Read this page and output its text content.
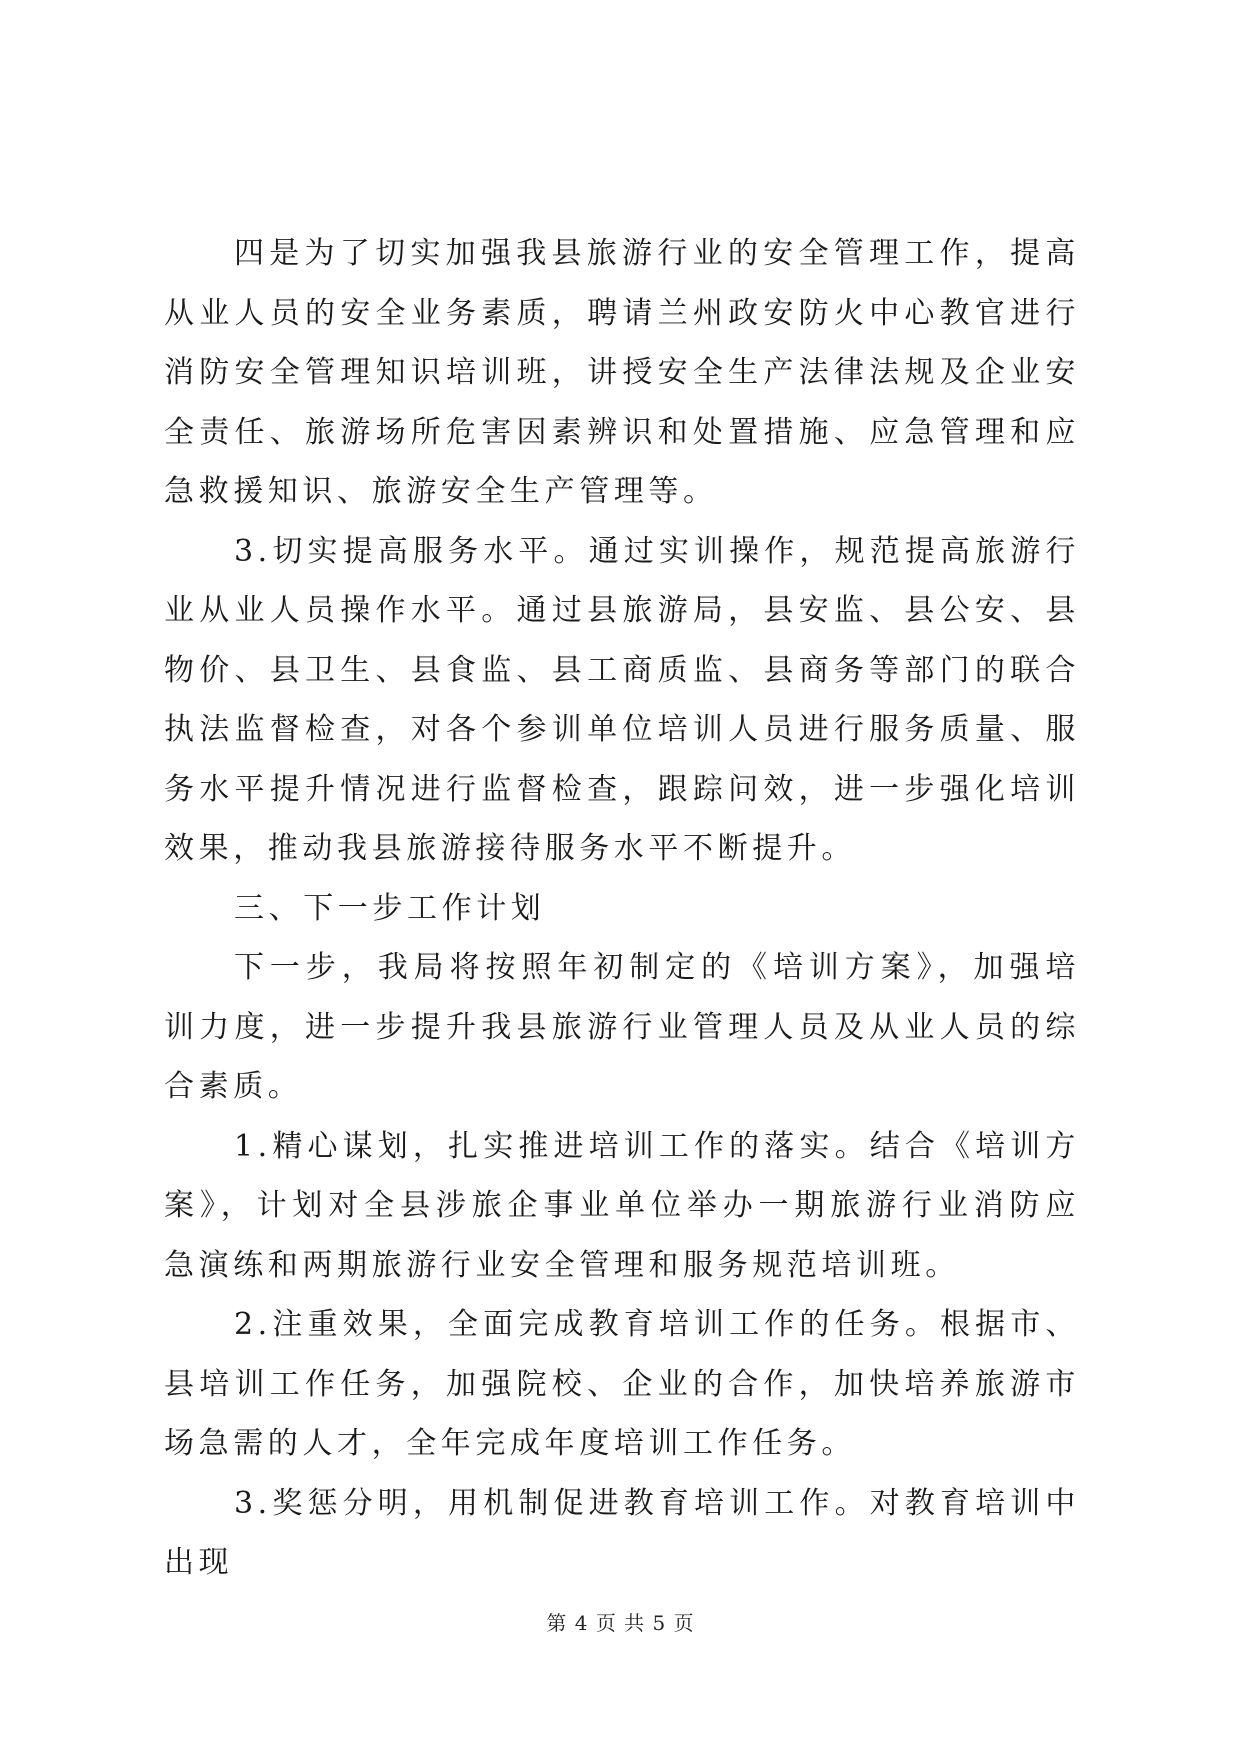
四是为了切实加强我县旅游行业的安全管理工作，提高从业人员的安全业务素质，聘请兰州政安防火中心教官进行消防安全管理知识培训班，讲授安全生产法律法规及企业安全责任、旅游场所危害因素辨识和处置措施、应急管理和应急救援知识、旅游安全生产管理等。

3.切实提高服务水平。通过实训操作，规范提高旅游行业从业人员操作水平。通过县旅游局，县安监、县公安、县物价、县卫生、县食监、县工商质监、县商务等部门的联合执法监督检查，对各个参训单位培训人员进行服务质量、服务水平提升情况进行监督检查，跟踪问效，进一步强化培训效果，推动我县旅游接待服务水平不断提升。

三、下一步工作计划

下一步，我局将按照年初制定的《培训方案》，加强培训力度，进一步提升我县旅游行业管理人员及从业人员的综合素质。

1.精心谋划，扎实推进培训工作的落实。结合《培训方案》，计划对全县涉旅企事业单位举办一期旅游行业消防应急演练和两期旅游行业安全管理和服务规范培训班。

2.注重效果，全面完成教育培训工作的任务。根据市、县培训工作任务，加强院校、企业的合作，加快培养旅游市场急需的人才，全年完成年度培训工作任务。

3.奖惩分明，用机制促进教育培训工作。对教育培训中出现

第 4 页 共 5 页
